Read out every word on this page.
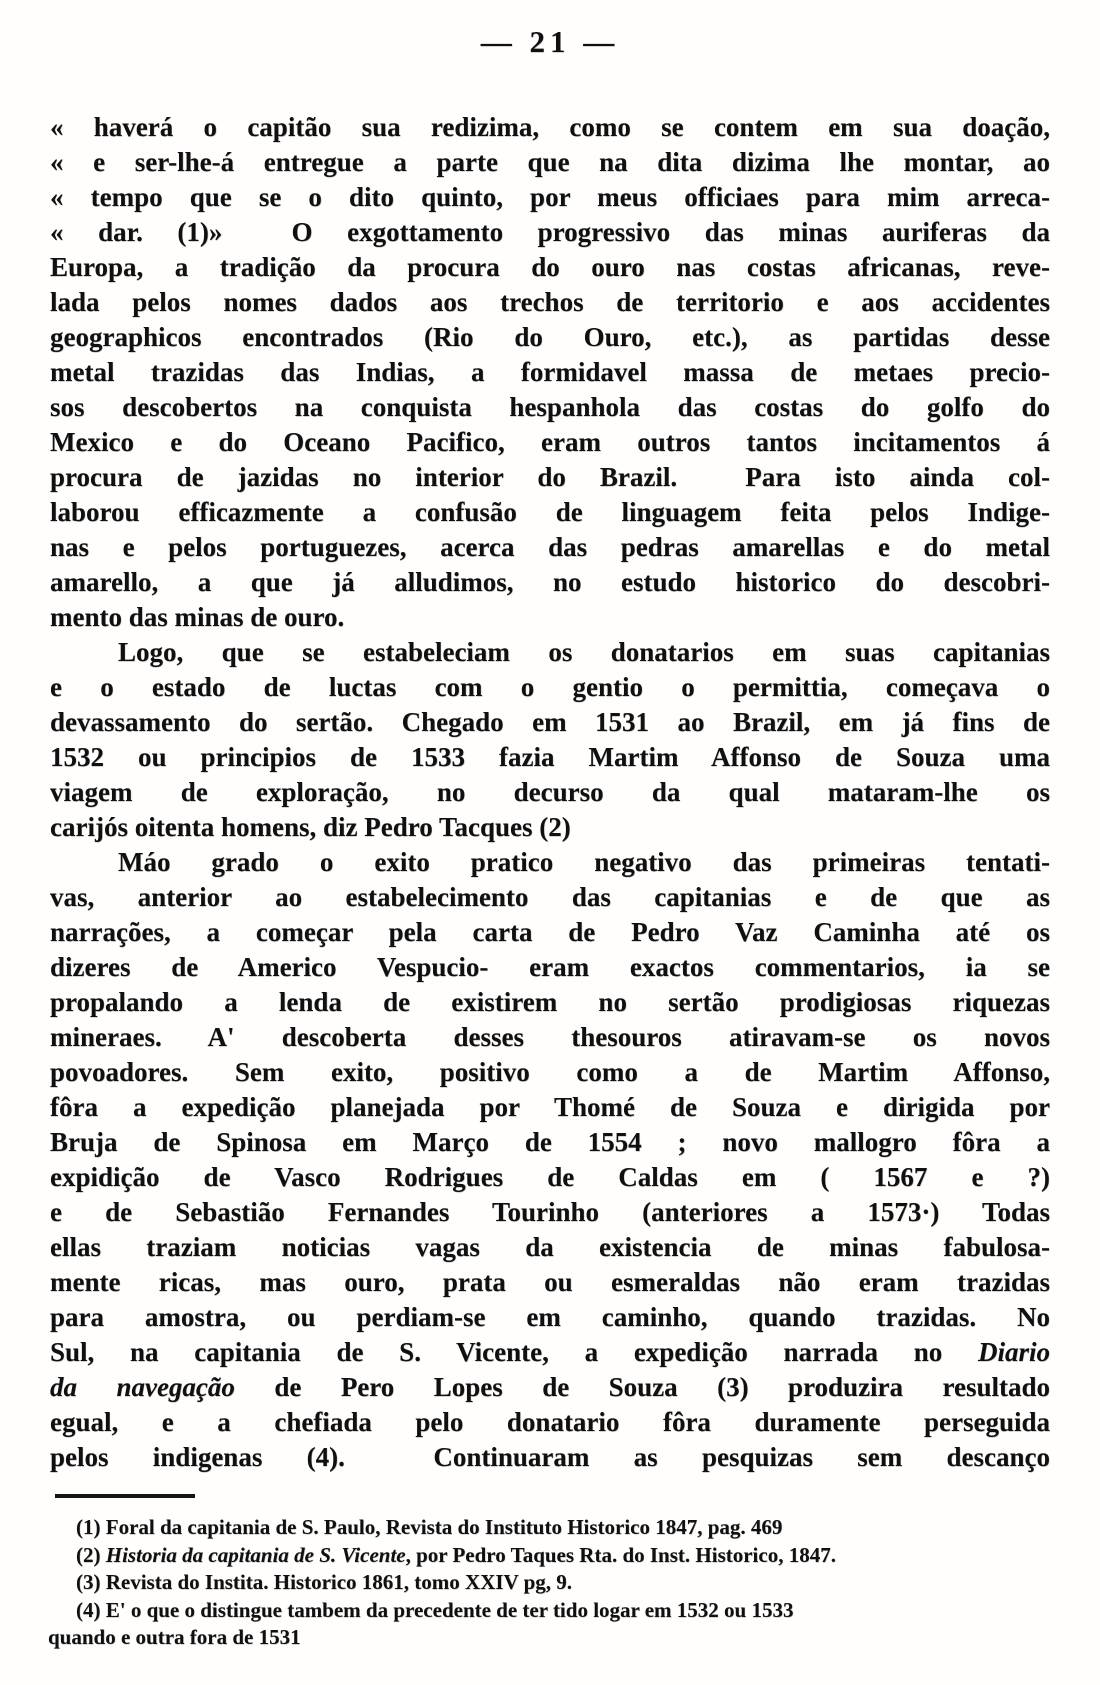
— 21 —
« haverá o capitão sua redizima, como se contem em sua doação,
« e ser-lhe-á entregue a parte que na dita dizima lhe montar, ao
« tempo que se o dito quinto, por meus officiaes para mim arreca-
« dar. (1)»  O exgottamento progressivo das minas auriferas da
Europa, a tradição da procura do ouro nas costas africanas, reve-
lada pelos nomes dados aos trechos de territorio e aos accidentes
geographicos encontrados (Rio do Ouro, etc.), as partidas desse
metal trazidas das Indias, a formidavel massa de metaes precio-
sos descobertos na conquista hespanhola das costas do golfo do
Mexico e do Oceano Pacifico, eram outros tantos incitamentos á
procura de jazidas no interior do Brazil.  Para isto ainda col-
laborou efficazmente a confusão de linguagem feita pelos Indige-
nas e pelos portuguezes, acerca das pedras amarellas e do metal
amarello, a que já alludimos, no estudo historico do descobri-
mento das minas de ouro.
Logo, que se estabeleciam os donatarios em suas capitanias
e o estado de luctas com o gentio o permittia, começava o
devassamento do sertão. Chegado em 1531 ao Brazil, em já fins de
1532 ou principios de 1533 fazia Martim Affonso de Souza uma
viagem de exploração, no decurso da qual mataram-lhe os
carijós oitenta homens, diz Pedro Tacques (2)
Máo grado o exito pratico negativo das primeiras tentati-
vas, anterior ao estabelecimento das capitanias e de que as
narrações, a começar pela carta de Pedro Vaz Caminha até os
dizeres de Americo Vespucio- eram exactos commentarios, ia se
propalando a lenda de existirem no sertão prodigiosas riquezas
mineraes. A' descoberta desses thesouros atiravam-se os novos
povoadores. Sem exito, positivo como a de Martim Affonso,
fôra a expedição planejada por Thomé de Souza e dirigida por
Bruja de Spinosa em Março de 1554 ; novo mallogro fôra a
expidição de Vasco Rodrigues de Caldas em ( 1567 e ?)
e de Sebastião Fernandes Tourinho (anteriores a 1573·) Todas
ellas traziam noticias vagas da existencia de minas fabulosa-
mente ricas, mas ouro, prata ou esmeraldas não eram trazidas
para amostra, ou perdiam-se em caminho, quando trazidas. No
Sul, na capitania de S. Vicente, a expedição narrada no Diario
da navegação de Pero Lopes de Souza (3) produzira resultado
egual, e a chefiada pelo donatario fôra duramente perseguida
pelos indigenas (4).  Continuaram as pesquizas sem descanço
(1) Foral da capitania de S. Paulo, Revista do Instituto Historico 1847, pag. 469
(2) Historia da capitania de S. Vicente, por Pedro Taques Rta. do Inst. Historico, 1847.
(3) Revista do Instita. Historico 1861, tomo XXIV pg, 9.
(4) E' o que o distingue tambem da precedente de ter tido logar em 1532 ou 1533
quando e outra fora de 1531
